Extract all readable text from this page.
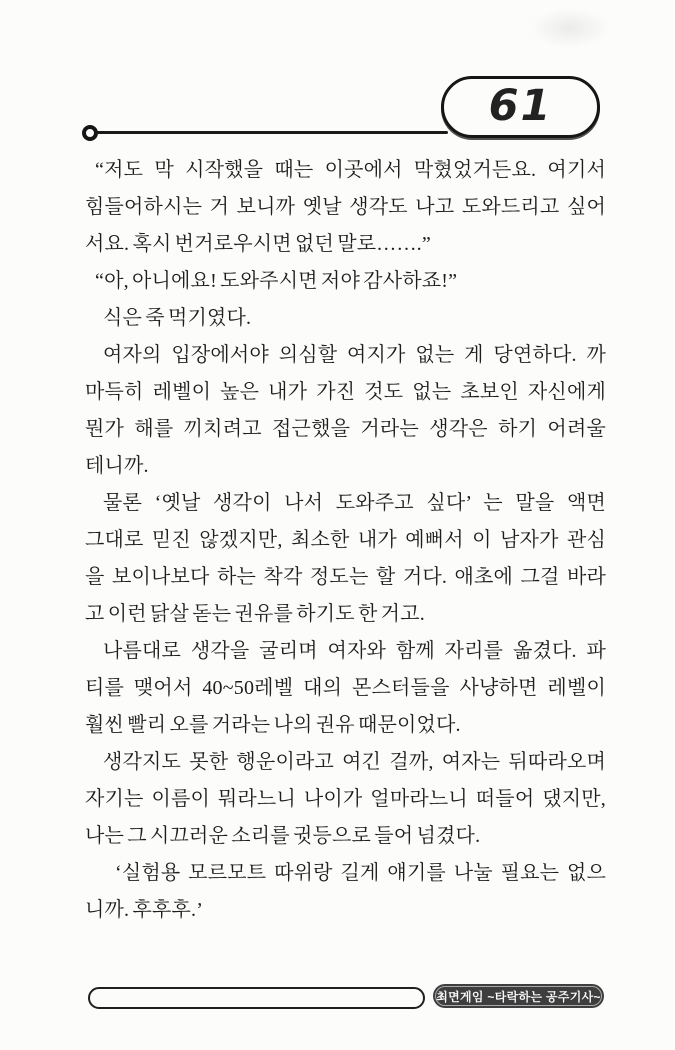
61
“저도 막 시작했을 때는 이곳에서 막혔었거든요. 여기서
힘들어하시는 거 보니까 옛날 생각도 나고 도와드리고 싶어
서요. 혹시 번거로우시면 없던 말로…….”
“아, 아니에요! 도와주시면 저야 감사하죠!”
식은 죽 먹기였다.
여자의 입장에서야 의심할 여지가 없는 게 당연하다. 까
마득히 레벨이 높은 내가 가진 것도 없는 초보인 자신에게
뭔가 해를 끼치려고 접근했을 거라는 생각은 하기 어려울
테니까.
물론 ‘옛날 생각이 나서 도와주고 싶다’ 는 말을 액면
그대로 믿진 않겠지만, 최소한 내가 예뻐서 이 남자가 관심
을 보이나보다 하는 착각 정도는 할 거다. 애초에 그걸 바라
고 이런 닭살 돋는 권유를 하기도 한 거고.
나름대로 생각을 굴리며 여자와 함께 자리를 옮겼다. 파
티를 맺어서 40~50레벨 대의 몬스터들을 사냥하면 레벨이
훨씬 빨리 오를 거라는 나의 권유 때문이었다.
생각지도 못한 행운이라고 여긴 걸까, 여자는 뒤따라오며
자기는 이름이 뭐라느니 나이가 얼마라느니 떠들어 댔지만,
나는 그 시끄러운 소리를 귓등으로 들어 넘겼다.
‘실험용 모르모트 따위랑 길게 얘기를 나눌 필요는 없으
니까. 후후후.’
최면게임 ~타락하는 공주기사~
